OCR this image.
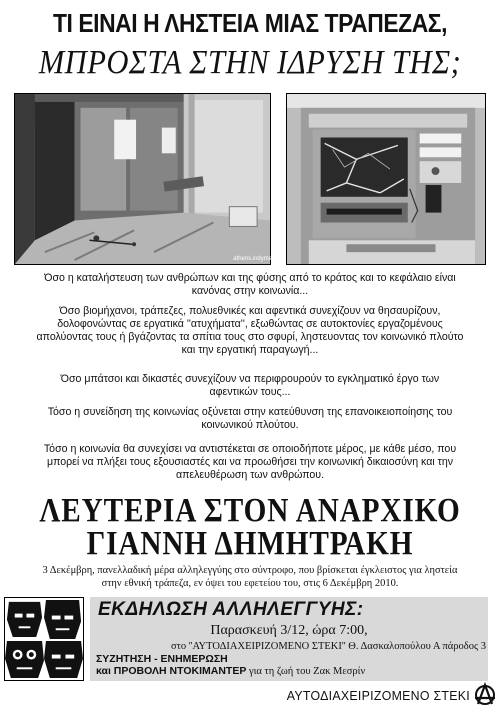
ΤΙ ΕΙΝΑΙ Η ΛΗΣΤΕΙΑ ΜΙΑΣ ΤΡΑΠΕΖΑΣ,
ΜΠΡΟΣΤΑ ΣΤΗΝ ΙΔΡΥΣΗ ΤΗΣ;
athens.indymedia
Όσο η καταλήστευση των ανθρώπων και της φύσης από το κράτος και το κεφάλαιο είναι κανόνας στην κοινωνία...
Όσο βιομήχανοι, τράπεζες, πολυεθνικές και αφεντικά συνεχίζουν να θησαυρίζουν, δολοφονώντας σε εργατικά ''ατυχήματα'', εξωθώντας σε αυτοκτονίες εργαζομένους απολύοντας τους ή βγάζοντας τα σπίτια τους στο σφυρί, ληστευοντας τον κοινωνικό πλούτο και την εργατική παραγωγή...
Όσο μπάτσοι και δικαστές συνεχίζουν να περιφρουρούν το εγκληματικό έργο των αφεντικών τους...
Τόσο η συνείδηση της κοινωνίας οξύνεται στην κατεύθυνση της επανοικειοποίησης του κοινωνικού πλούτου.
Τόσο η κοινωνία θα συνεχίσει να αντιστέκεται σε οποιοδήποτε μέρος, με κάθε μέσο, που μπορεί να πλήξει τους εξουσιαστές και να προωθήσει την κοινωνική δικαιοσύνη και την απελευθέρωση των ανθρώπου.
ΛΕΥΤΕΡΙΑ ΣΤΟΝ ΑΝΑΡΧΙΚΟ
ΓΙΑΝΝΗ ΔΗΜΗΤΡΑΚΗ
3 Δεκέμβρη, πανελλαδική μέρα αλληλεγγύης στο σύντροφο, που βρίσκεται έγκλειστος για ληστεία στην εθνική τράπεζα, εν όψει του εφετείου του, στις 6 Δεκέμβρη 2010.
ΕΚΔΗΛΩΣΗ ΑΛΛΗΛΕΓΓΥΗΣ:
Παρασκευή 3/12, ώρα 7:00,
στο ''ΑΥΤΟΔΙΑΧΕΙΡΙΖΟΜΕΝΟ ΣΤΕΚΙ'' Θ. Δασκαλοπούλου Α πάροδος 3
ΣΥΖΗΤΗΣΗ - ΕΝΗΜΕΡΩΣΗ
και ΠΡΟΒΟΛΗ ΝΤΟΚΙΜΑΝΤΕΡ για τη ζωή του Ζακ Μεσρίν
ΑΥΤΟΔΙΑΧΕΙΡΙΖΟΜΕΝΟ ΣΤΕΚΙ
